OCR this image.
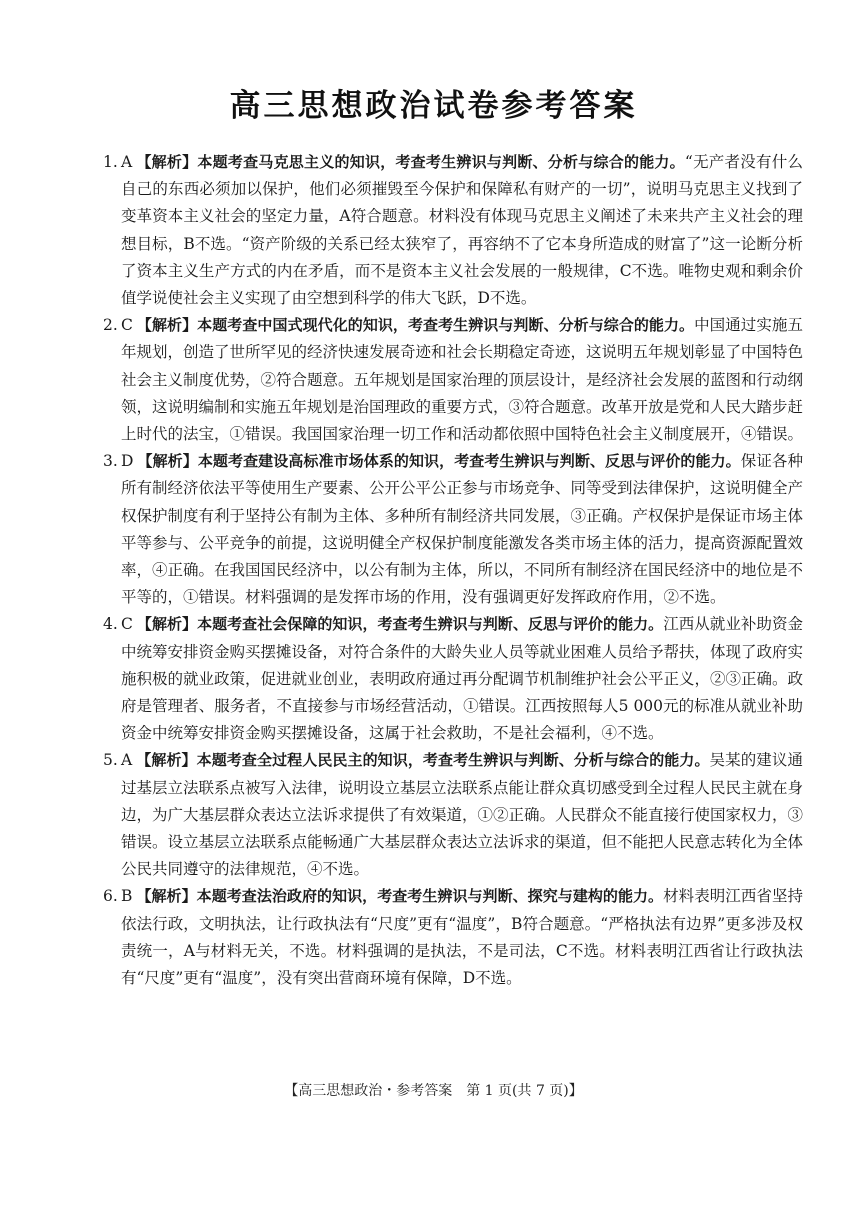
高三思想政治试卷参考答案

1. A 【解析】本题考查马克思主义的知识，考查考生辨识与判断、分析与综合的能力。“无产者没有什么自己的东西必须加以保护，他们必须摧毁至今保护和保障私有财产的一切”，说明马克思主义找到了变革资本主义社会的坚定力量，A符合题意。材料没有体现马克思主义阐述了未来共产主义社会的理想目标，B不选。“资产阶级的关系已经太狭窄了，再容纳不了它本身所造成的财富了”这一论断分析了资本主义生产方式的内在矛盾，而不是资本主义社会发展的一般规律，C不选。唯物史观和剩余价值学说使社会主义实现了由空想到科学的伟大飞跃，D不选。

2. C 【解析】本题考查中国式现代化的知识，考查考生辨识与判断、分析与综合的能力。中国通过实施五年规划，创造了世所罕见的经济快速发展奇迹和社会长期稳定奇迹，这说明五年规划彰显了中国特色社会主义制度优势，②符合题意。五年规划是国家治理的顶层设计，是经济社会发展的蓝图和行动纲领，这说明编制和实施五年规划是治国理政的重要方式，③符合题意。改革开放是党和人民大踏步赶上时代的法宝，①错误。我国国家治理一切工作和活动都依照中国特色社会主义制度展开，④错误。

3. D 【解析】本题考查建设高标准市场体系的知识，考查考生辨识与判断、反思与评价的能力。保证各种所有制经济依法平等使用生产要素、公开公平公正参与市场竞争、同等受到法律保护，这说明健全产权保护制度有利于坚持公有制为主体、多种所有制经济共同发展，③正确。产权保护是保证市场主体平等参与、公平竞争的前提，这说明健全产权保护制度能激发各类市场主体的活力，提高资源配置效率，④正确。在我国国民经济中，以公有制为主体，所以，不同所有制经济在国民经济中的地位是不平等的，①错误。材料强调的是发挥市场的作用，没有强调更好发挥政府作用，②不选。

4. C 【解析】本题考查社会保障的知识，考查考生辨识与判断、反思与评价的能力。江西从就业补助资金中统筹安排资金购买摆摊设备，对符合条件的大龄失业人员等就业困难人员给予帮扶，体现了政府实施积极的就业政策，促进就业创业，表明政府通过再分配调节机制维护社会公平正义，②③正确。政府是管理者、服务者，不直接参与市场经营活动，①错误。江西按照每人5 000元的标准从就业补助资金中统筹安排资金购买摆摊设备，这属于社会救助，不是社会福利，④不选。

5. A 【解析】本题考查全过程人民民主的知识，考查考生辨识与判断、分析与综合的能力。吴某的建议通过基层立法联系点被写入法律，说明设立基层立法联系点能让群众真切感受到全过程人民民主就在身边，为广大基层群众表达立法诉求提供了有效渠道，①②正确。人民群众不能直接行使国家权力，③错误。设立基层立法联系点能畅通广大基层群众表达立法诉求的渠道，但不能把人民意志转化为全体公民共同遵守的法律规范，④不选。

6. B 【解析】本题考查法治政府的知识，考查考生辨识与判断、探究与建构的能力。材料表明江西省坚持依法行政，文明执法，让行政执法有“尺度”更有“温度”，B符合题意。“严格执法有边界”更多涉及权责统一，A与材料无关，不选。材料强调的是执法，不是司法，C不选。材料表明江西省让行政执法有“尺度”更有“温度”，没有突出营商环境有保障，D不选。

【高三思想政治・参考答案　第 1 页(共 7 页)】
